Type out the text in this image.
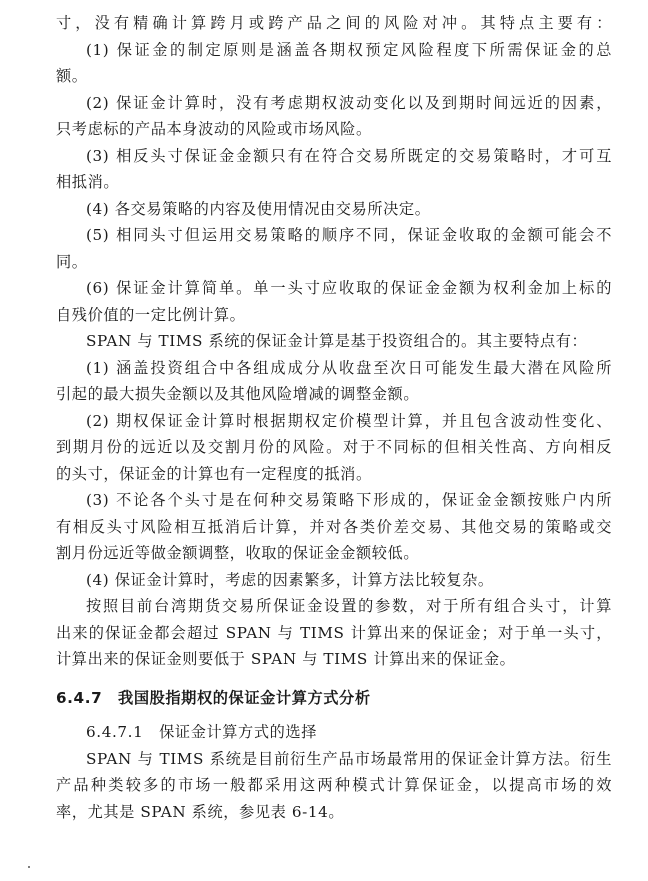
寸，没有精确计算跨月或跨产品之间的风险对冲。其特点主要有：
(1) 保证金的制定原则是涵盖各期权预定风险程度下所需保证金的总
额。
(2) 保证金计算时，没有考虑期权波动变化以及到期时间远近的因素，
只考虑标的产品本身波动的风险或市场风险。
(3) 相反头寸保证金金额只有在符合交易所既定的交易策略时，才可互
相抵消。
(4) 各交易策略的内容及使用情况由交易所决定。
(5) 相同头寸但运用交易策略的顺序不同，保证金收取的金额可能会不
同。
(6) 保证金计算简单。单一头寸应收取的保证金金额为权利金加上标的
自残价值的一定比例计算。
SPAN 与 TIMS 系统的保证金计算是基于投资组合的。其主要特点有：
(1) 涵盖投资组合中各组成成分从收盘至次日可能发生最大潜在风险所
引起的最大损失金额以及其他风险增减的调整金额。
(2) 期权保证金计算时根据期权定价模型计算，并且包含波动性变化、
到期月份的远近以及交割月份的风险。对于不同标的但相关性高、方向相反
的头寸，保证金的计算也有一定程度的抵消。
(3) 不论各个头寸是在何种交易策略下形成的，保证金金额按账户内所
有相反头寸风险相互抵消后计算，并对各类价差交易、其他交易的策略或交
割月份远近等做金额调整，收取的保证金金额较低。
(4) 保证金计算时，考虑的因素繁多，计算方法比较复杂。
按照目前台湾期货交易所保证金设置的参数，对于所有组合头寸，计算
出来的保证金都会超过 SPAN 与 TIMS 计算出来的保证金；对于单一头寸，
计算出来的保证金则要低于 SPAN 与 TIMS 计算出来的保证金。
6.4.7　我国股指期权的保证金计算方式分析
6.4.7.1　保证金计算方式的选择
SPAN 与 TIMS 系统是目前衍生产品市场最常用的保证金计算方法。衍生
产品种类较多的市场一般都采用这两种模式计算保证金，以提高市场的效
率，尤其是 SPAN 系统，参见表 6-14。
